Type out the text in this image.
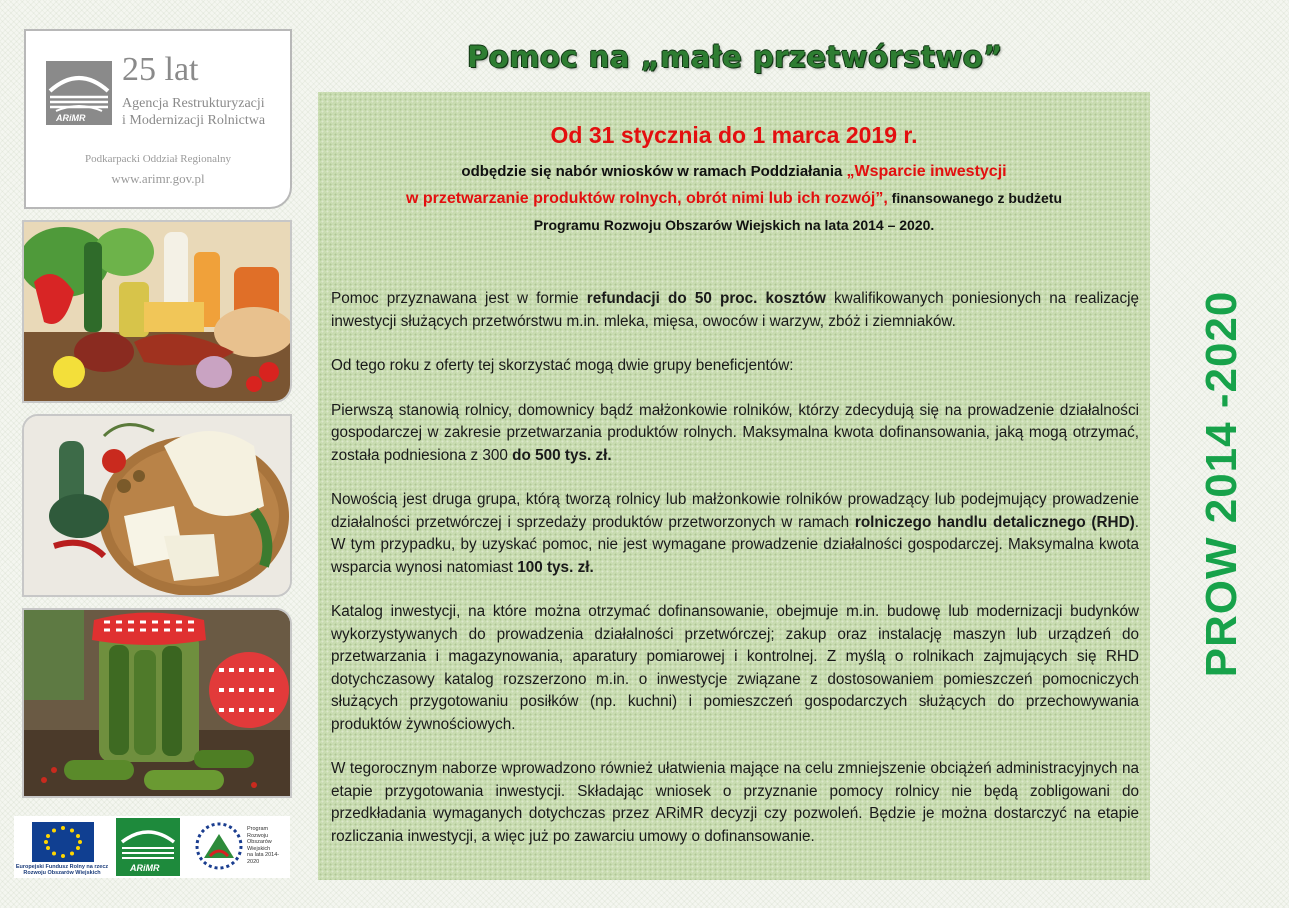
ARiMR
25 lat
Agencja Restrukturyzacji
i Modernizacji Rolnictwa
Podkarpacki Oddział Regionalny
www.arimr.gov.pl
Europejski Fundusz Rolny na rzecz Rozwoju Obszarów Wiejskich	ARiMR
Program
Rozwoju
Obszarów
Wiejskich
na lata 2014-2020
Pomoc na „małe przetwórstwo”
Od 31 stycznia do 1 marca 2019 r.
odbędzie się nabór wniosków w ramach Poddziałania „Wsparcie inwestycji
w przetwarzanie produktów rolnych, obrót nimi lub ich rozwój”, finansowanego z budżetu
Programu Rozwoju Obszarów Wiejskich na lata 2014 – 2020.

Pomoc przyznawana jest w formie refundacji do 50 proc. kosztów kwalifikowanych poniesionych na realizację inwestycji służących przetwórstwu m.in. mleka, mięsa, owoców i warzyw, zbóż i ziemniaków.

Od tego roku z oferty tej skorzystać mogą dwie grupy beneficjentów:

Pierwszą stanowią rolnicy, domownicy bądź małżonkowie rolników, którzy zdecydują się na prowadzenie działalności gospodarczej w zakresie przetwarzania produktów rolnych. Maksymalna kwota dofinansowania, jaką mogą otrzymać, została podniesiona z 300 do 500 tys. zł.

Nowością jest druga grupa, którą tworzą rolnicy lub małżonkowie rolników prowadzący lub podejmujący prowadzenie działalności przetwórczej i sprzedaży produktów przetworzonych w ramach rolniczego handlu detalicznego (RHD). W tym przypadku, by uzyskać pomoc, nie jest wymagane prowadzenie działalności gospodarczej. Maksymalna kwota wsparcia wynosi natomiast 100 tys. zł.

Katalog inwestycji, na które można otrzymać dofinansowanie, obejmuje m.in. budowę lub modernizacji budynków wykorzystywanych do prowadzenia działalności przetwórczej; zakup oraz instalację maszyn lub urządzeń do przetwarzania i magazynowania, aparatury pomiarowej i kontrolnej. Z myślą o rolnikach zajmujących się RHD dotychczasowy katalog rozszerzono m.in. o inwestycje związane z dostosowaniem pomieszczeń pomocniczych służących przygotowaniu posiłków (np. kuchni) i pomieszczeń gospodarczych służących do przechowywania produktów żywnościowych.

W tegorocznym naborze wprowadzono również ułatwienia mające na celu zmniejszenie obciążeń administracyjnych na etapie przygotowania inwestycji. Składając wniosek o przyznanie pomocy rolnicy nie będą zobligowani do przedkładania wymaganych dotychczas przez ARiMR decyzji czy pozwoleń. Będzie je można dostarczyć na etapie rozliczania inwestycji, a więc już po zawarciu umowy o dofinansowanie.

PROW 2014 -2020
